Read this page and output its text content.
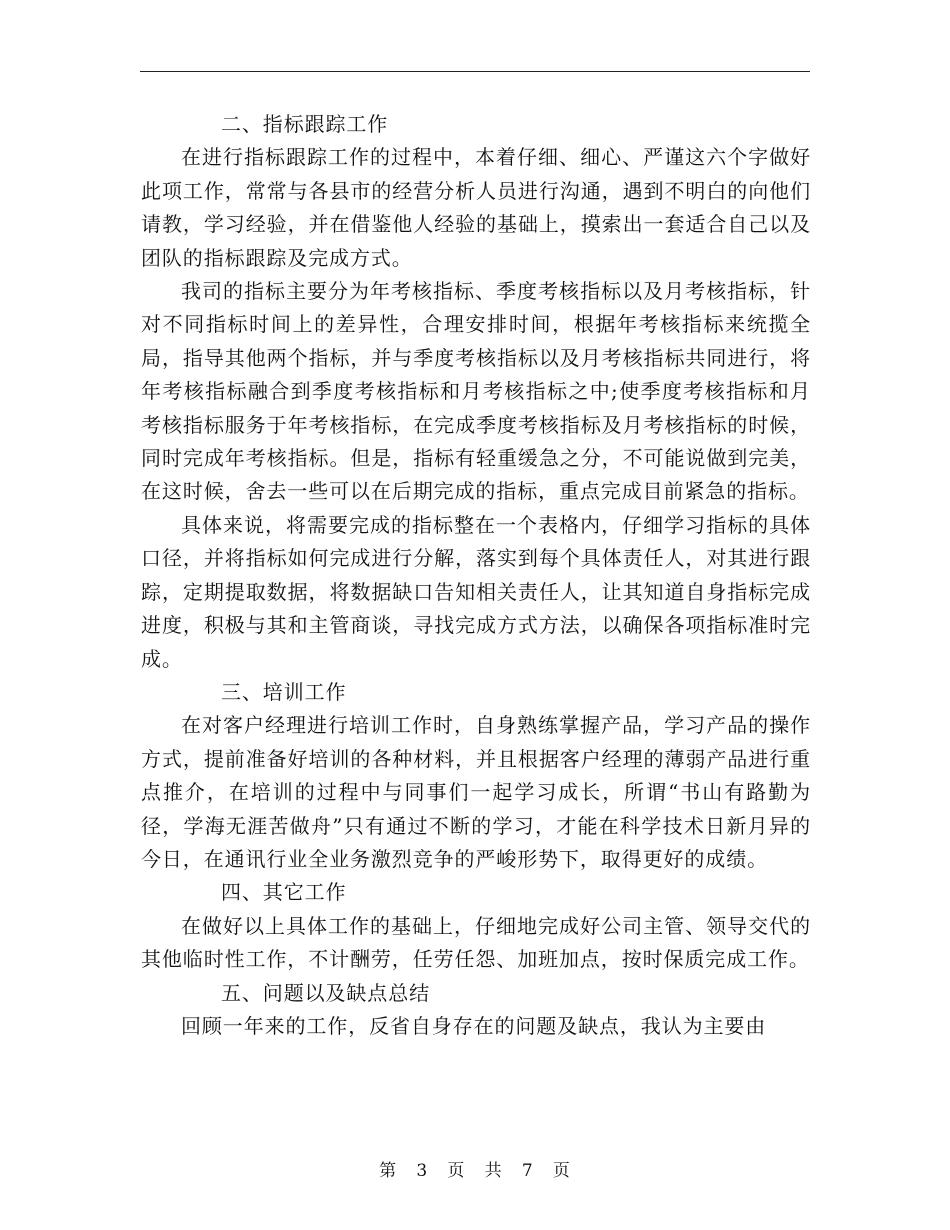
二、指标跟踪工作

在进行指标跟踪工作的过程中，本着仔细、细心、严谨这六个字做好此项工作，常常与各县市的经营分析人员进行沟通，遇到不明白的向他们请教，学习经验，并在借鉴他人经验的基础上，摸索出一套适合自己以及团队的指标跟踪及完成方式。

我司的指标主要分为年考核指标、季度考核指标以及月考核指标，针对不同指标时间上的差异性，合理安排时间，根据年考核指标来统揽全局，指导其他两个指标，并与季度考核指标以及月考核指标共同进行，将年考核指标融合到季度考核指标和月考核指标之中;使季度考核指标和月考核指标服务于年考核指标，在完成季度考核指标及月考核指标的时候，同时完成年考核指标。但是，指标有轻重缓急之分，不可能说做到完美，在这时候，舍去一些可以在后期完成的指标，重点完成目前紧急的指标。

具体来说，将需要完成的指标整在一个表格内，仔细学习指标的具体口径，并将指标如何完成进行分解，落实到每个具体责任人，对其进行跟踪，定期提取数据，将数据缺口告知相关责任人，让其知道自身指标完成进度，积极与其和主管商谈，寻找完成方式方法，以确保各项指标准时完成。

三、培训工作

在对客户经理进行培训工作时，自身熟练掌握产品，学习产品的操作方式，提前准备好培训的各种材料，并且根据客户经理的薄弱产品进行重点推介，在培训的过程中与同事们一起学习成长，所谓“书山有路勤为径，学海无涯苦做舟”只有通过不断的学习，才能在科学技术日新月异的今日，在通讯行业全业务激烈竞争的严峻形势下，取得更好的成绩。

四、其它工作

在做好以上具体工作的基础上，仔细地完成好公司主管、领导交代的其他临时性工作，不计酬劳，任劳任怨、加班加点，按时保质完成工作。

五、问题以及缺点总结

回顾一年来的工作，反省自身存在的问题及缺点，我认为主要由

第 3 页 共 7 页
